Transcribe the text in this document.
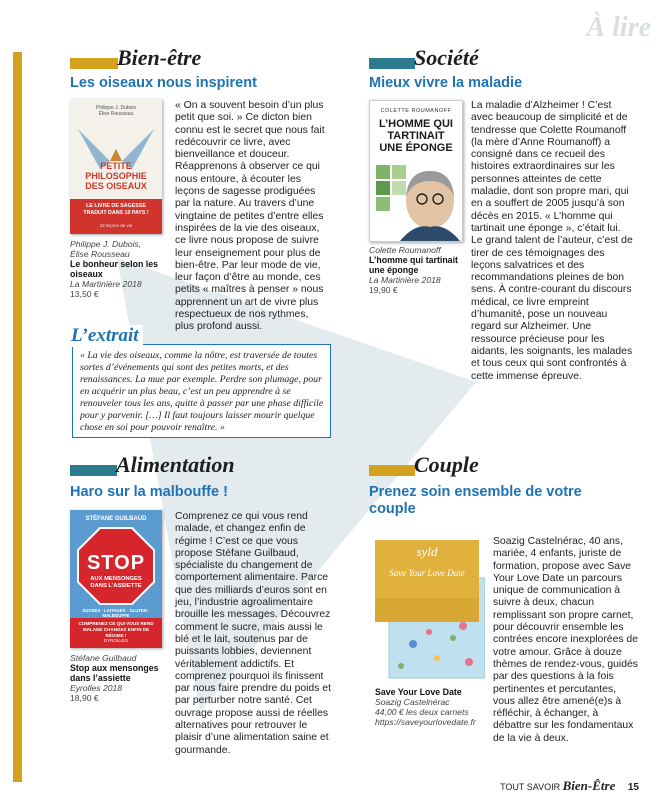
À lire
Bien-être
Les oiseaux nous inspirent
Philippe J. Dubois
Élise Rousseau
PETITE PHILOSOPHIE DES OISEAUX
LE LIVRE DE SAGESSE TRADUIT DANS 10 PAYS !
22 leçons de vie
Philippe J. Dubois, Élise Rousseau
Le bonheur selon les oiseaux
La Martinière 2018
13,50 €
« On a souvent besoin d’un plus petit que soi. » Ce dicton bien connu est le secret que nous fait redécouvrir ce livre, avec bienveillance et douceur. Réapprenons à observer ce qui nous entoure, à écouter les leçons de sagesse prodiguées par la nature. Au travers d’une vingtaine de petites d’entre elles inspirées de la vie des oiseaux, ce livre nous propose de suivre leur enseignement pour plus de bien-être. Par leur mode de vie, leur façon d’être au monde, ces petits « maîtres à penser » nous apprennent un art de vivre plus respectueux de nos rythmes, plus profond aussi.
L’extrait
« La vie des oiseaux, comme la nôtre, est traversée de toutes sortes d’événements qui sont des petites morts, et des renaissances. La mue par exemple. Perdre son plumage, pour en acquérir un plus beau, c’est un peu apprendre à se renouveler tous les ans, quitte à passer par une phase difficile pour y parvenir. […] Il faut toujours laisser mourir quelque chose en soi pour pouvoir renaître. »
Société
Mieux vivre la maladie
COLETTE ROUMANOFF
L’HOMME QUI TARTINAIT UNE ÉPONGE
Colette Roumanoff
L’homme qui tartinait une éponge
La Martinière 2018
19,90 €
La maladie d’Alzheimer ! C’est avec beaucoup de simplicité et de tendresse que Colette Roumanoff (la mère d’Anne Roumanoff) a consigné dans ce recueil des histoires extraordinaires sur les personnes atteintes de cette maladie, dont son propre mari, qui en a souffert de 2005 jusqu’à son décès en 2015. « L’homme qui tartinait une éponge », c’était lui. Le grand talent de l’auteur, c’est de tirer de ces témoignages des leçons salvatrices et des recommandations pleines de bon sens. À contre-courant du discours médical, ce livre empreint d’humanité, pose un nouveau regard sur Alzheimer. Une ressource précieuse pour les aidants, les soignants, les malades et tous ceux qui sont confrontés à cette immense épreuve.
Alimentation
Haro sur la malbouffe !
STÉFANE GUILBAUD
STOP
AUX MENSONGES DANS L’ASSIETTE
SUCRES · LAITAGES · GLUTEN · MALBOUFFE
COMPRENEZ CE QUI VOUS REND MALADE CHANGEZ ENFIN DE RÉGIME !
EYROLLES
Stéfane Guilbaud
Stop aux mensonges dans l’assiette
Eyrolles 2018
18,90 €
Comprenez ce qui vous rend malade, et changez enfin de régime ! C’est ce que vous propose Stéfane Guilbaud, spécialiste du changement de comportement alimentaire. Parce que des milliards d’euros sont en jeu, l’industrie agroalimentaire brouille les messages. Découvrez comment le sucre, mais aussi le blé et le lait, soutenus par de puissants lobbies, deviennent véritablement addictifs. Et comprenez pourquoi ils finissent par nous faire prendre du poids et par perturber notre santé. Cet ouvrage propose aussi de réelles alternatives pour retrouver le plaisir d’une alimentation saine et gourmande.
Couple
Prenez soin ensemble de votre couple
syld
Save Your Love Date
Save Your Love Date
Soazig Castelnérac
44,00 € les deux carnets
https://saveyourlovedate.fr
Soazig Castelnérac, 40 ans, mariée, 4 enfants, juriste de formation, propose avec Save Your Love Date un parcours unique de communication à suivre à deux, chacun remplissant son propre carnet, pour découvrir ensemble les contrées encore inexplorées de votre amour. Grâce à douze thèmes de rendez-vous, guidés par des questions à la fois pertinentes et percutantes, vous allez être amené(e)s à réfléchir, à échanger, à débattre sur les fondamentaux de la vie à deux.
TOUT SAVOIR Bien-Être 15
